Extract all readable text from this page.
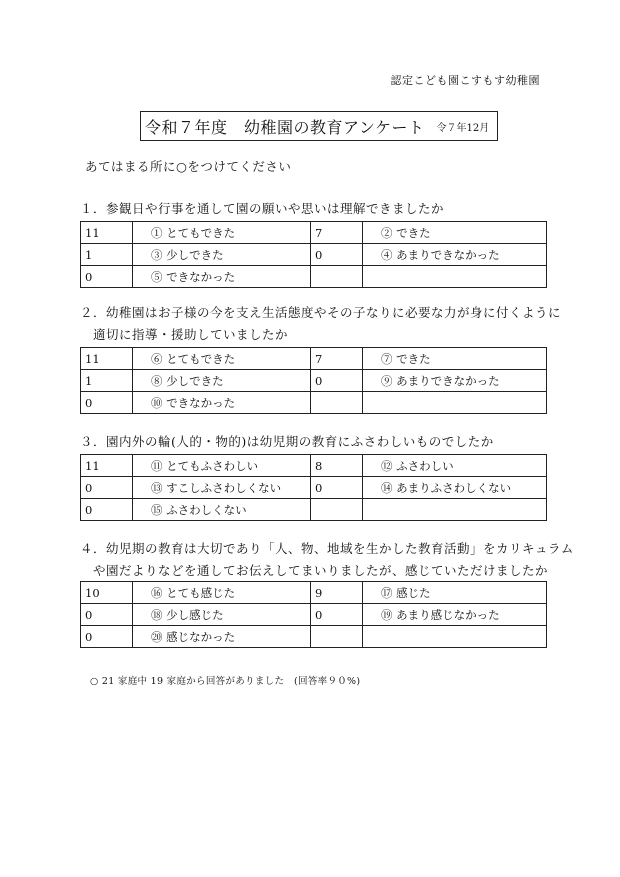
認定こども園こすもす幼稚園
令和７年度　幼稚園の教育アンケート 令７年12月
あてはまる所に○をつけてください
１．参観日や行事を通して園の願いや思いは理解できましたか
11	① とてもできた	7	② できた
1	③ 少しできた	0	④ あまりできなかった
0	⑤ できなかった		
２．幼稚園はお子様の今を支え生活態度やその子なりに必要な力が身に付くように
適切に指導・援助していましたか
11	⑥ とてもできた	7	⑦ できた
1	⑧ 少しできた	0	⑨ あまりできなかった
0	⑩ できなかった		
３．園内外の輪(人的・物的)は幼児期の教育にふさわしいものでしたか
11	⑪ とてもふさわしい	8	⑫ ふさわしい
0	⑬ すこしふさわしくない	0	⑭ あまりふさわしくない
0	⑮ ふさわしくない		
４．幼児期の教育は大切であり「人、物、地域を生かした教育活動」をカリキュラム
や園だよりなどを通してお伝えしてまいりましたが、感じていただけましたか
10	⑯ とても感じた	9	⑰ 感じた
0	⑱ 少し感じた	0	⑲ あまり感じなかった
0	⑳ 感じなかった		
○ 21 家庭中 19 家庭から回答がありました　(回答率９０%)
